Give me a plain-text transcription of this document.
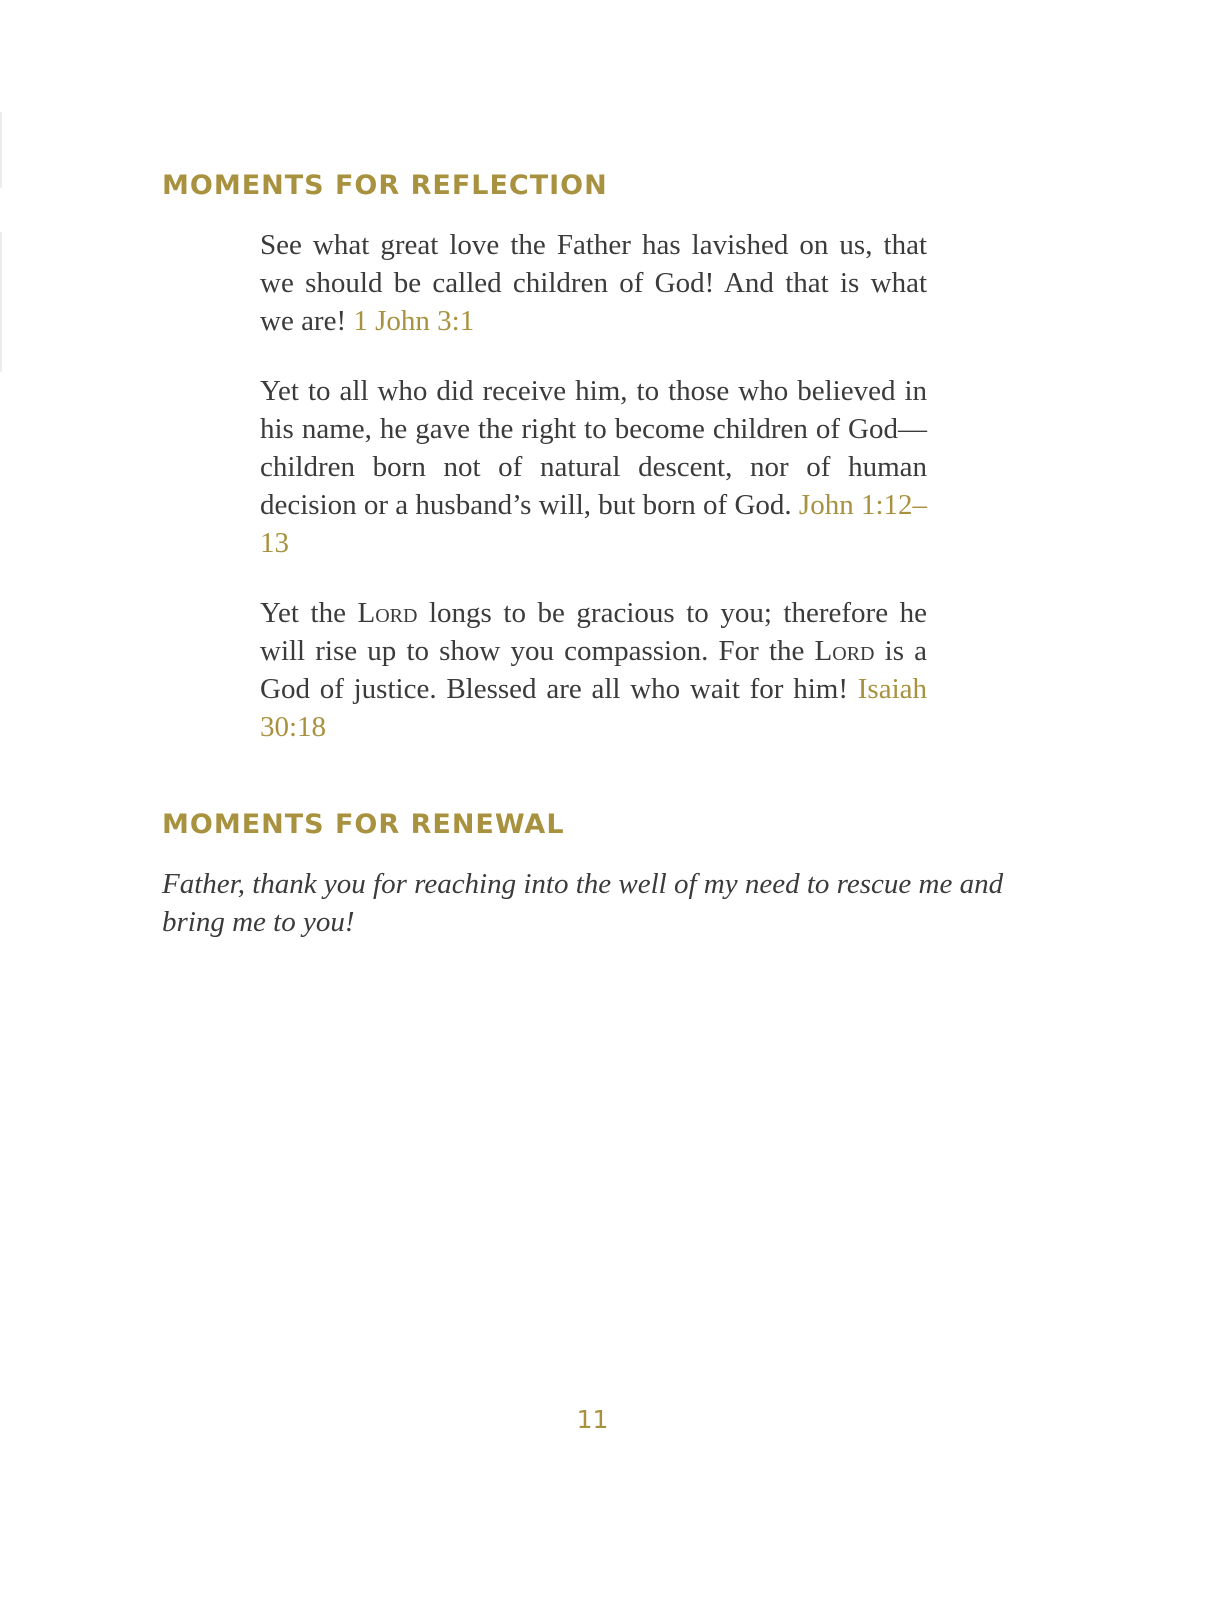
MOMENTS FOR REFLECTION

See what great love the Father has lavished on us, that we should be called children of God! And that is what we are! 1 John 3:1

Yet to all who did receive him, to those who believed in his name, he gave the right to become children of God—children born not of natural descent, nor of human decision or a husband’s will, but born of God. John 1:12–13

Yet the Lord longs to be gracious to you; therefore he will rise up to show you compassion. For the Lord is a God of justice. Blessed are all who wait for him! Isaiah 30:18

MOMENTS FOR RENEWAL

Father, thank you for reaching into the well of my need to rescue me and bring me to you!

11
